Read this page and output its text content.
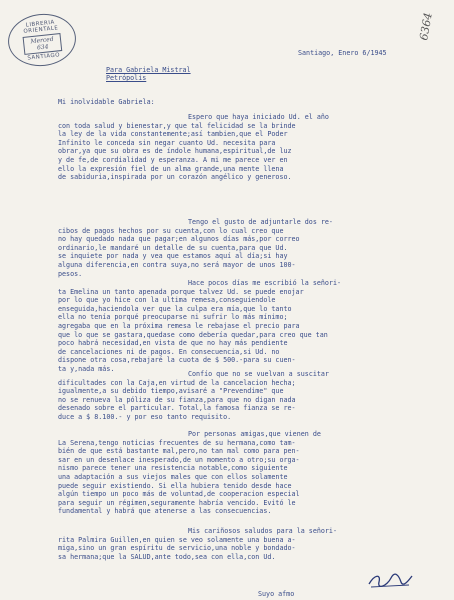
LIBRERIA ORIENTALE
Merced 634
SANTIAGO
6364

Santiago, Enero 6/1945

Para Gabriela Mistral

Petrópolis

Mi inolvidable Gabriela:

Espero que haya iniciado Ud. el año
con toda salud y bienestar,y que tal felicidad se la brinde
la ley de la vida constantemente;así tambien,que el Poder
Infinito le conceda sin negar cuanto Ud. necesita para
obrar,ya que su obra es de índole humana,espiritual,de luz
y de fe,de cordialidad y esperanza. A mi me parece ver en
ello la expresión fiel de un alma grande,una mente llena
de sabiduria,inspirada por un corazón angélico y generoso.
Tengo el gusto de adjuntarle dos re-
cibos de pagos hechos por su cuenta,con lo cual creo que
no hay quedado nada que pagar;en algunos días más,por correo
ordinario,le mandaré un detalle de su cuenta,para que Ud.
se inquiete por nada y vea que estamos aquí al día;si hay
alguna diferencia,en contra suya,no será mayor de unos 100-
pesos.
Hace pocos días me escribió la señori-
ta Emelina un tanto apenada porque talvez Ud. se puede enojar
por lo que yo hice con la ultima remesa,conseguiendole
enseguida,haciendola ver que la culpa era mía,que lo tanto
ella no tenía porqué preocuparse ni sufrir lo más mínimo;
agregaba que en la próxima remesa le rebajase el precio para
que lo que se gastara,quedase como debería quedar,para creo que tan
poco habrá necesidad,en vista de que no hay más pendiente
de cancelaciones ni de pagos. En consecuencia,si Ud. no
dispone otra cosa,rebajaré la cuota de $ 500.-para su cuen-
ta y,nada más.
Confío que no se vuelvan a suscitar
dificultades con la Caja,en virtud de la cancelacion hecha;
igualmente,a su debido tiempo,avisaré a "Prevendime" que
no se renueva la póliza de su fianza,para que no digan nada
desenado sobre el particular. Total,la famosa fianza se re-
duce a $ 8.100.- y por eso tanto requisito.
Por personas amigas,que vienen de
La Serena,tengo noticias frecuentes de su hermana,como tam-
bién de que está bastante mal,pero,no tan mal como para pen-
sar en un desenlace inesperado,de un momento a otro;su orga-
nismo parece tener una resistencia notable,como siguiente
una adaptación a sus viejos males que con ellos solamente
puede seguir existiendo. Si ella hubiera tenido desde hace
algún tiempo un poco más de voluntad,de cooperacion especial
para seguir un régimen,seguramente habría vencido. Evitó le
fundamental y habrá que atenerse a las consecuencias.
Mis cariñosos saludos para la señori-
rita Palmira Guillen,en quien se veo solamente una buena a-
miga,sino un gran espíritu de servicio,una noble y bondado-
sa hermana;que la SALUD,ante todo,sea con ella,con Ud.

Suyo afmo
